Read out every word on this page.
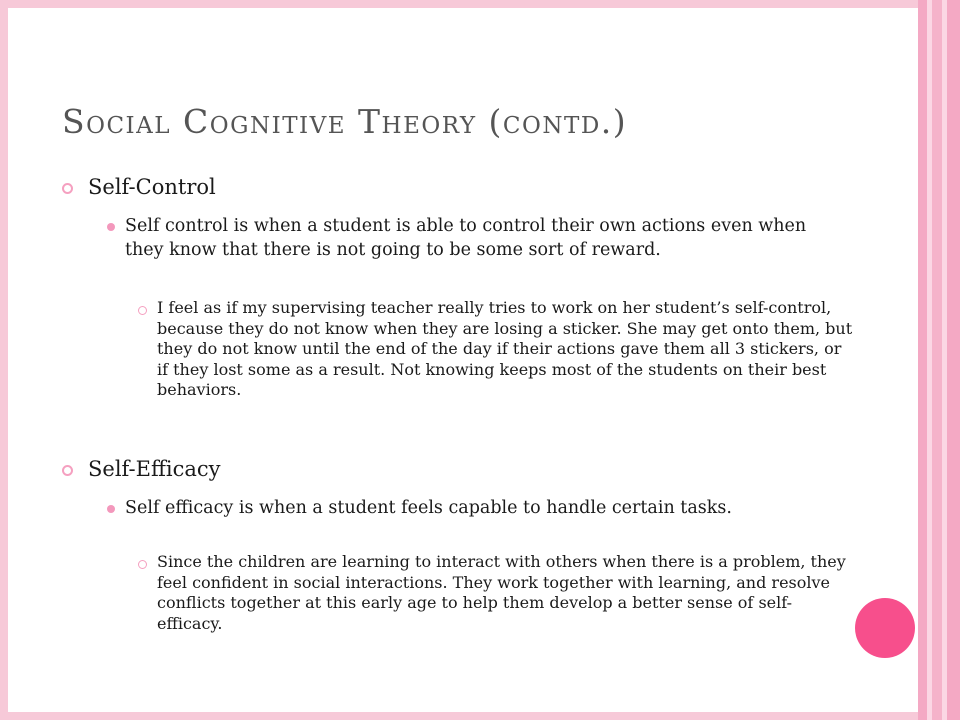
Social Cognitive Theory (contd.)
Self-Control
Self control is when a student is able to control their own actions even when they know that there is not going to be some sort of reward.
I feel as if my supervising teacher really tries to work on her student’s self-control, because they do not know when they are losing a sticker. She may get onto them, but they do not know until the end of the day if their actions gave them all 3 stickers, or if they lost some as a result. Not knowing keeps most of the students on their best behaviors.
Self-Efficacy
Self efficacy is when a student feels capable to handle certain tasks.
Since the children are learning to interact with others when there is a problem, they feel confident in social interactions. They work together with learning, and resolve conflicts together at this early age to help them develop a better sense of self-efficacy.
